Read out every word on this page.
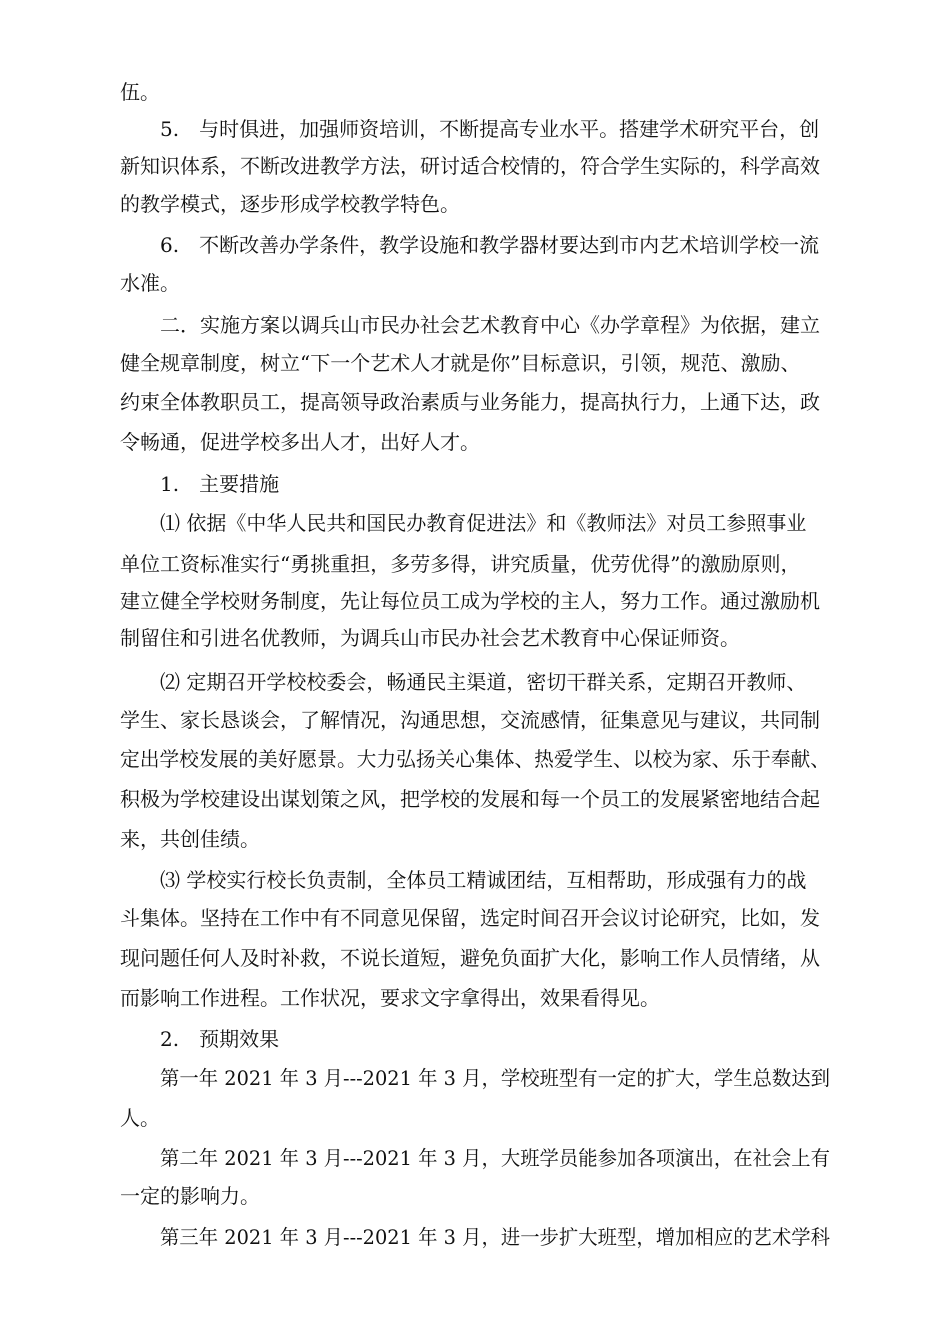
伍。
5.　与时俱进，加强师资培训，不断提高专业水平。搭建学术研究平台，创
新知识体系，不断改进教学方法，研讨适合校情的，符合学生实际的，科学高效
的教学模式，逐步形成学校教学特色。
6.　不断改善办学条件，教学设施和教学器材要达到市内艺术培训学校一流
水准。
二．实施方案以调兵山市民办社会艺术教育中心《办学章程》为依据，建立
健全规章制度，树立“下一个艺术人才就是你”目标意识，引领，规范、激励、
约束全体教职员工，提高领导政治素质与业务能力，提高执行力，上通下达，政
令畅通，促进学校多出人才，出好人才。
1.　主要措施
⑴ 依据《中华人民共和国民办教育促进法》和《教师法》对员工参照事业
单位工资标准实行“勇挑重担，多劳多得，讲究质量，优劳优得”的激励原则，
建立健全学校财务制度，先让每位员工成为学校的主人，努力工作。通过激励机
制留住和引进名优教师，为调兵山市民办社会艺术教育中心保证师资。
⑵ 定期召开学校校委会，畅通民主渠道，密切干群关系，定期召开教师、
学生、家长恳谈会，了解情况，沟通思想，交流感情，征集意见与建议，共同制
定出学校发展的美好愿景。大力弘扬关心集体、热爱学生、以校为家、乐于奉献、
积极为学校建设出谋划策之风，把学校的发展和每一个员工的发展紧密地结合起
来，共创佳绩。
⑶ 学校实行校长负责制，全体员工精诚团结，互相帮助，形成强有力的战
斗集体。坚持在工作中有不同意见保留，选定时间召开会议讨论研究，比如，发
现问题任何人及时补救，不说长道短，避免负面扩大化，影响工作人员情绪，从
而影响工作进程。工作状况，要求文字拿得出，效果看得见。
2.　预期效果
第一年 2021 年 3 月---2021 年 3 月，学校班型有一定的扩大，学生总数达到
人。
第二年 2021 年 3 月---2021 年 3 月，大班学员能参加各项演出，在社会上有
一定的影响力。
第三年 2021 年 3 月---2021 年 3 月，进一步扩大班型，增加相应的艺术学科
